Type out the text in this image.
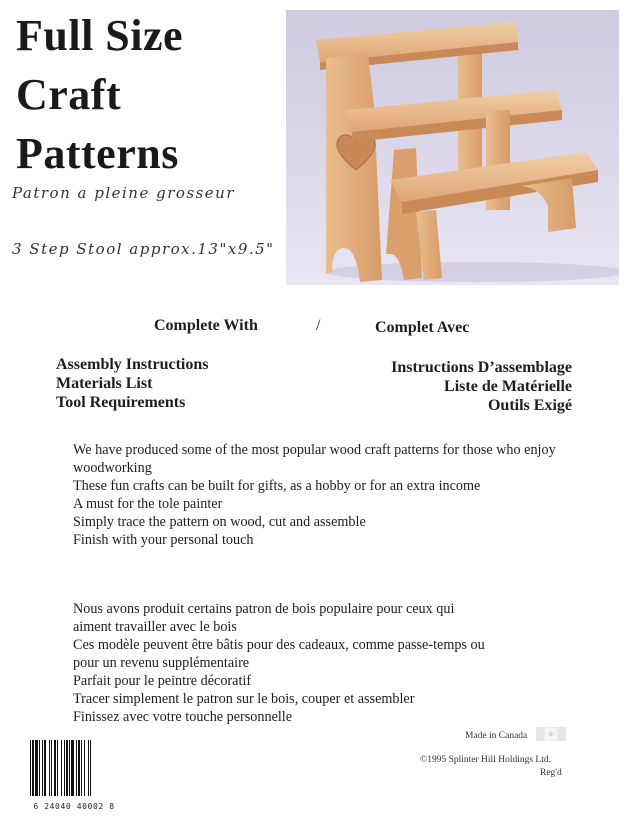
Full Size
Craft
Patterns
Patron a pleine grosseur
3 Step Stool approx.13"x9.5"
Complete With	/	Complet Avec
Assembly Instructions
Materials List
Tool Requirements
Instructions D’assemblage
Liste de Matérielle
Outils Exigé
We have produced some of the most popular wood craft patterns for those who enjoy
woodworking
These fun crafts can be built for gifts, as a hobby or for an extra income
A must for the tole painter
Simply trace the pattern on wood, cut and assemble
Finish with your personal touch
Nous avons produit certains patron de bois populaire pour ceux qui
aiment travailler avec le bois
Ces modèle peuvent être bâtis pour des cadeaux, comme passe-temps ou
pour un revenu supplémentaire
Parfait pour le peintre décoratif
Tracer simplement le patron sur le bois, couper et assembler
Finissez avec votre touche personnelle
Made in Canada
©1995 Splinter Hill Holdings Ltd.
Reg'd
6 24040 40002 8
